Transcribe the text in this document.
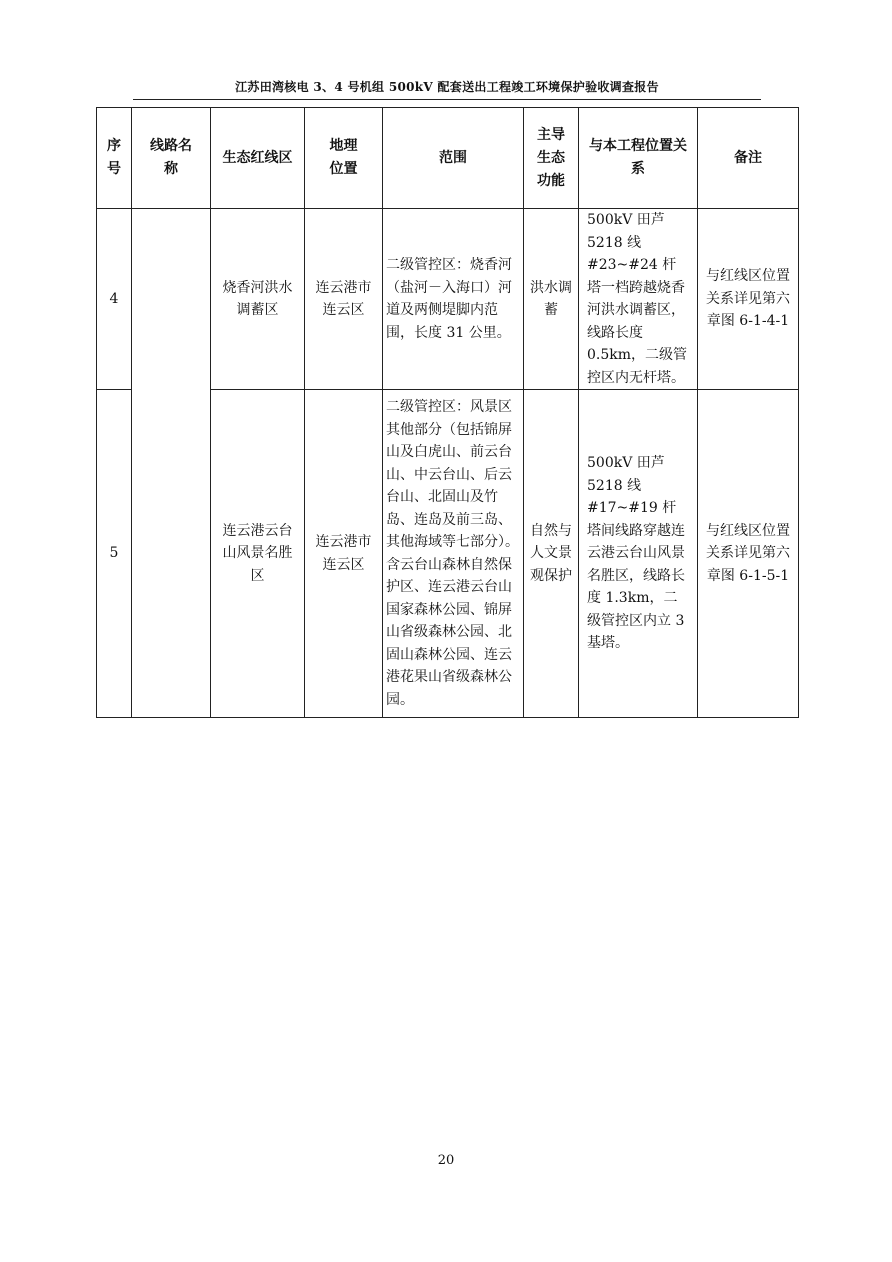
江苏田湾核电 3、4 号机组 500kV 配套送出工程竣工环境保护验收调查报告
序号	线路名称	生态红线区	地理位置	范围	主导生态功能	与本工程位置关系	备注
4		烧香河洪水调蓄区	连云港市连云区	二级管控区：烧香河（盐河－入海口）河道及两侧堤脚内范围，长度 31 公里。	洪水调蓄	500kV 田芦 5218 线#23~#24 杆塔一档跨越烧香河洪水调蓄区，线路长度 0.5km，二级管控区内无杆塔。	与红线区位置关系详见第六章图 6-1-4-1
5		连云港云台山风景名胜区	连云港市连云区	二级管控区：风景区其他部分（包括锦屏山及白虎山、前云台山、中云台山、后云台山、北固山及竹岛、连岛及前三岛、其他海域等七部分）。含云台山森林自然保护区、连云港云台山国家森林公园、锦屏山省级森林公园、北固山森林公园、连云港花果山省级森林公园。	自然与人文景观保护	500kV 田芦 5218 线#17~#19 杆塔间线路穿越连云港云台山风景名胜区，线路长度 1.3km，二级管控区内立 3 基塔。	与红线区位置关系详见第六章图 6-1-5-1
20
